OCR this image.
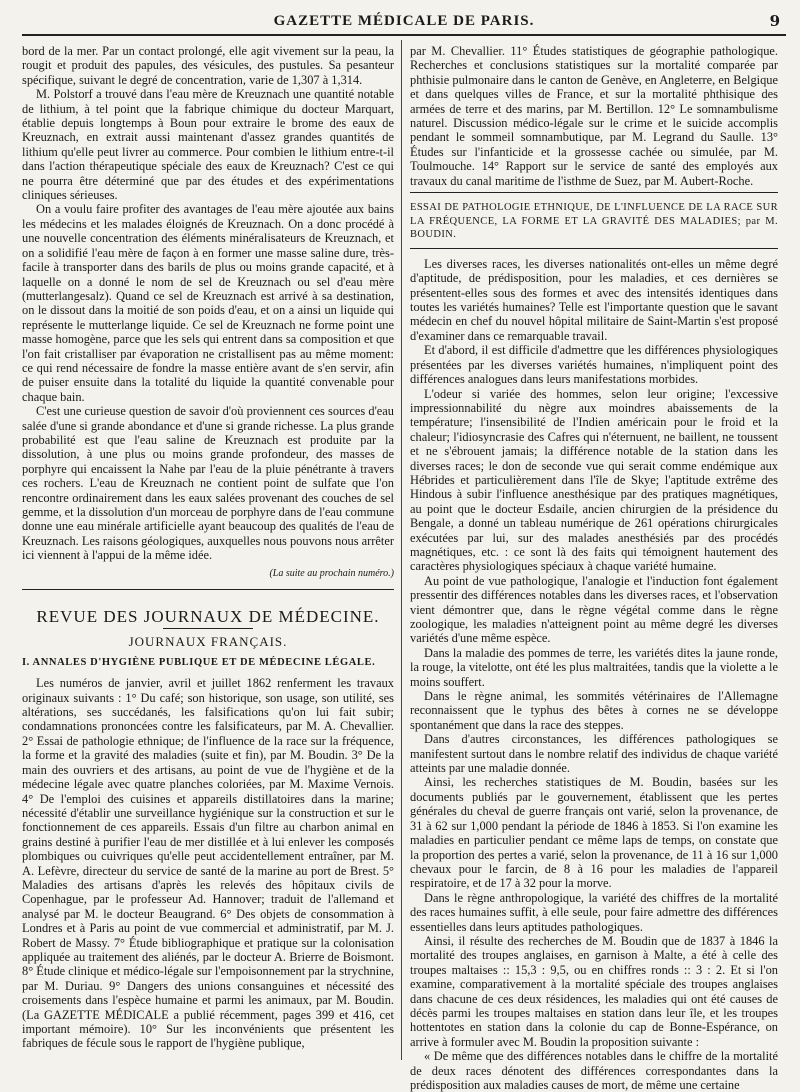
GAZETTE MÉDICALE DE PARIS.	9

bord de la mer. Par un contact prolongé, elle agit vivement sur la peau, la rougit et produit des papules, des vésicules, des pustules. Sa pesanteur spécifique, suivant le degré de concentration, varie de 1,307 à 1,314.

M. Polstorf a trouvé dans l'eau mère de Kreuznach une quantité notable de lithium, à tel point que la fabrique chimique du docteur Marquart, établie depuis longtemps à Boun pour extraire le brome des eaux de Kreuznach, en extrait aussi maintenant d'assez grandes quantités de lithium qu'elle peut livrer au commerce. Pour combien le lithium entre-t-il dans l'action thérapeutique spéciale des eaux de Kreuznach? C'est ce qui ne pourra être déterminé que par des études et des expérimentations cliniques sérieuses.

On a voulu faire profiter des avantages de l'eau mère ajoutée aux bains les médecins et les malades éloignés de Kreuznach. On a donc procédé à une nouvelle concentration des éléments minéralisateurs de Kreuznach, et on a solidifié l'eau mère de façon à en former une masse saline dure, très-facile à transporter dans des barils de plus ou moins grande capacité, et à laquelle on a donné le nom de sel de Kreuznach ou sel d'eau mère (mutterlangesalz). Quand ce sel de Kreuznach est arrivé à sa destination, on le dissout dans la moitié de son poids d'eau, et on a ainsi un liquide qui représente le mutterlange liquide. Ce sel de Kreuznach ne forme point une masse homogène, parce que les sels qui entrent dans sa composition et que l'on fait cristalliser par évaporation ne cristallisent pas au même moment: ce qui rend nécessaire de fondre la masse entière avant de s'en servir, afin de puiser ensuite dans la totalité du liquide la quantité convenable pour chaque bain.

C'est une curieuse question de savoir d'où proviennent ces sources d'eau salée d'une si grande abondance et d'une si grande richesse. La plus grande probabilité est que l'eau saline de Kreuznach est produite par la dissolution, à une plus ou moins grande profondeur, des masses de porphyre qui encaissent la Nahe par l'eau de la pluie pénétrante à travers ces rochers. L'eau de Kreuznach ne contient point de sulfate que l'on rencontre ordinairement dans les eaux salées provenant des couches de sel gemme, et la dissolution d'un morceau de porphyre dans de l'eau commune donne une eau minérale artificielle ayant beaucoup des qualités de l'eau de Kreuznach. Les raisons géologiques, auxquelles nous pouvons nous arrêter ici viennent à l'appui de la même idée.

(La suite au prochain numéro.)

REVUE DES JOURNAUX DE MÉDECINE.

JOURNAUX FRANÇAIS.

I. ANNALES D'HYGIÈNE PUBLIQUE ET DE MÉDECINE LÉGALE.

Les numéros de janvier, avril et juillet 1862 renferment les travaux originaux suivants : 1° Du café; son historique, son usage, son utilité, ses altérations, ses succédanés, les falsifications qu'on lui fait subir; condamnations prononcées contre les falsificateurs, par M. A. Chevallier. 2° Essai de pathologie ethnique; de l'influence de la race sur la fréquence, la forme et la gravité des maladies (suite et fin), par M. Boudin. 3° De la main des ouvriers et des artisans, au point de vue de l'hygiène et de la médecine légale avec quatre planches coloriées, par M. Maxime Vernois. 4° De l'emploi des cuisines et appareils distillatoires dans la marine; nécessité d'établir une surveillance hygiénique sur la construction et sur le fonctionnement de ces appareils. Essais d'un filtre au charbon animal en grains destiné à purifier l'eau de mer distillée et à lui enlever les composés plombiques ou cuivriques qu'elle peut accidentellement entraîner, par M. A. Lefèvre, directeur du service de santé de la marine au port de Brest. 5° Maladies des artisans d'après les relevés des hôpitaux civils de Copenhague, par le professeur Ad. Hannover; traduit de l'allemand et analysé par M. le docteur Beaugrand. 6° Des objets de consommation à Londres et à Paris au point de vue commercial et administratif, par M. J. Robert de Massy. 7° Étude bibliographique et pratique sur la colonisation appliquée au traitement des aliénés, par le docteur A. Brierre de Boismont. 8° Étude clinique et médico-légale sur l'empoisonnement par la strychnine, par M. Duriau. 9° Dangers des unions consanguines et nécessité des croisements dans l'espèce humaine et parmi les animaux, par M. Boudin. (La GAZETTE MÉDICALE a publié récemment, pages 399 et 416, cet important mémoire). 10° Sur les inconvénients que présentent les fabriques de fécule sous le rapport de l'hygiène publique,

par M. Chevallier. 11° Études statistiques de géographie pathologique. Recherches et conclusions statistiques sur la mortalité comparée par phthisie pulmonaire dans le canton de Genève, en Angleterre, en Belgique et dans quelques villes de France, et sur la mortalité phthisique des armées de terre et des marins, par M. Bertillon. 12° Le somnambulisme naturel. Discussion médico-légale sur le crime et le suicide accomplis pendant le sommeil somnambutique, par M. Legrand du Saulle. 13° Études sur l'infanticide et la grossesse cachée ou simulée, par M. Toulmouche. 14° Rapport sur le service de santé des employés aux travaux du canal maritime de l'isthme de Suez, par M. Aubert-Roche.

ESSAI DE PATHOLOGIE ETHNIQUE, DE L'INFLUENCE DE LA RACE SUR LA FRÉQUENCE, LA FORME ET LA GRAVITÉ DES MALADIES; par M. BOUDIN.

Les diverses races, les diverses nationalités ont-elles un même degré d'aptitude, de prédisposition, pour les maladies, et ces dernières se présentent-elles sous des formes et avec des intensités identiques dans toutes les variétés humaines? Telle est l'importante question que le savant médecin en chef du nouvel hôpital militaire de Saint-Martin s'est proposé d'examiner dans ce remarquable travail.

Et d'abord, il est difficile d'admettre que les différences physiologiques présentées par les diverses variétés humaines, n'impliquent point des différences analogues dans leurs manifestations morbides.

L'odeur si variée des hommes, selon leur origine; l'excessive impressionnabilité du nègre aux moindres abaissements de la température; l'insensibilité de l'Indien américain pour le froid et la chaleur; l'idiosyncrasie des Cafres qui n'éternuent, ne baillent, ne toussent et ne s'ébrouent jamais; la différence notable de la station dans les diverses races; le don de seconde vue qui serait comme endémique aux Hébrides et particulièrement dans l'île de Skye; l'aptitude extrême des Hindous à subir l'influence anesthésique par des pratiques magnétiques, au point que le docteur Esdaile, ancien chirurgien de la présidence du Bengale, a donné un tableau numérique de 261 opérations chirurgicales exécutées par lui, sur des malades anesthésiés par des procédés magnétiques, etc. : ce sont là des faits qui témoignent hautement des caractères physiologiques spéciaux à chaque variété humaine.

Au point de vue pathologique, l'analogie et l'induction font également pressentir des différences notables dans les diverses races, et l'observation vient démontrer que, dans le règne végétal comme dans le règne zoologique, les maladies n'atteignent point au même degré les diverses variétés d'une même espèce.

Dans la maladie des pommes de terre, les variétés dites la jaune ronde, la rouge, la vitelotte, ont été les plus maltraitées, tandis que la violette a le moins souffert.

Dans le règne animal, les sommités vétérinaires de l'Allemagne reconnaissent que le typhus des bêtes à cornes ne se développe spontanément que dans la race des steppes.

Dans d'autres circonstances, les différences pathologiques se manifestent surtout dans le nombre relatif des individus de chaque variété atteints par une maladie donnée.

Ainsi, les recherches statistiques de M. Boudin, basées sur les documents publiés par le gouvernement, établissent que les pertes générales du cheval de guerre français ont varié, selon la provenance, de 31 à 62 sur 1,000 pendant la période de 1846 à 1853. Si l'on examine les maladies en particulier pendant ce même laps de temps, on constate que la proportion des pertes a varié, selon la provenance, de 11 à 16 sur 1,000 chevaux pour le farcin, de 8 à 16 pour les maladies de l'appareil respiratoire, et de 17 à 32 pour la morve.

Dans le règne anthropologique, la variété des chiffres de la mortalité des races humaines suffit, à elle seule, pour faire admettre des différences essentielles dans leurs aptitudes pathologiques.

Ainsi, il résulte des recherches de M. Boudin que de 1837 à 1846 la mortalité des troupes anglaises, en garnison à Malte, a été à celle des troupes maltaises :: 15,3 : 9,5, ou en chiffres ronds :: 3 : 2. Et si l'on examine, comparativement à la mortalité spéciale des troupes anglaises dans chacune de ces deux résidences, les maladies qui ont été causes de décès parmi les troupes maltaises en station dans leur île, et les troupes hottentotes en station dans la colonie du cap de Bonne-Espérance, on arrive à formuler avec M. Boudin la proposition suivante :

« De même que des différences notables dans le chiffre de la mortalité de deux races dénotent des différences correspondantes dans la prédisposition aux maladies causes de mort, de même une certaine
